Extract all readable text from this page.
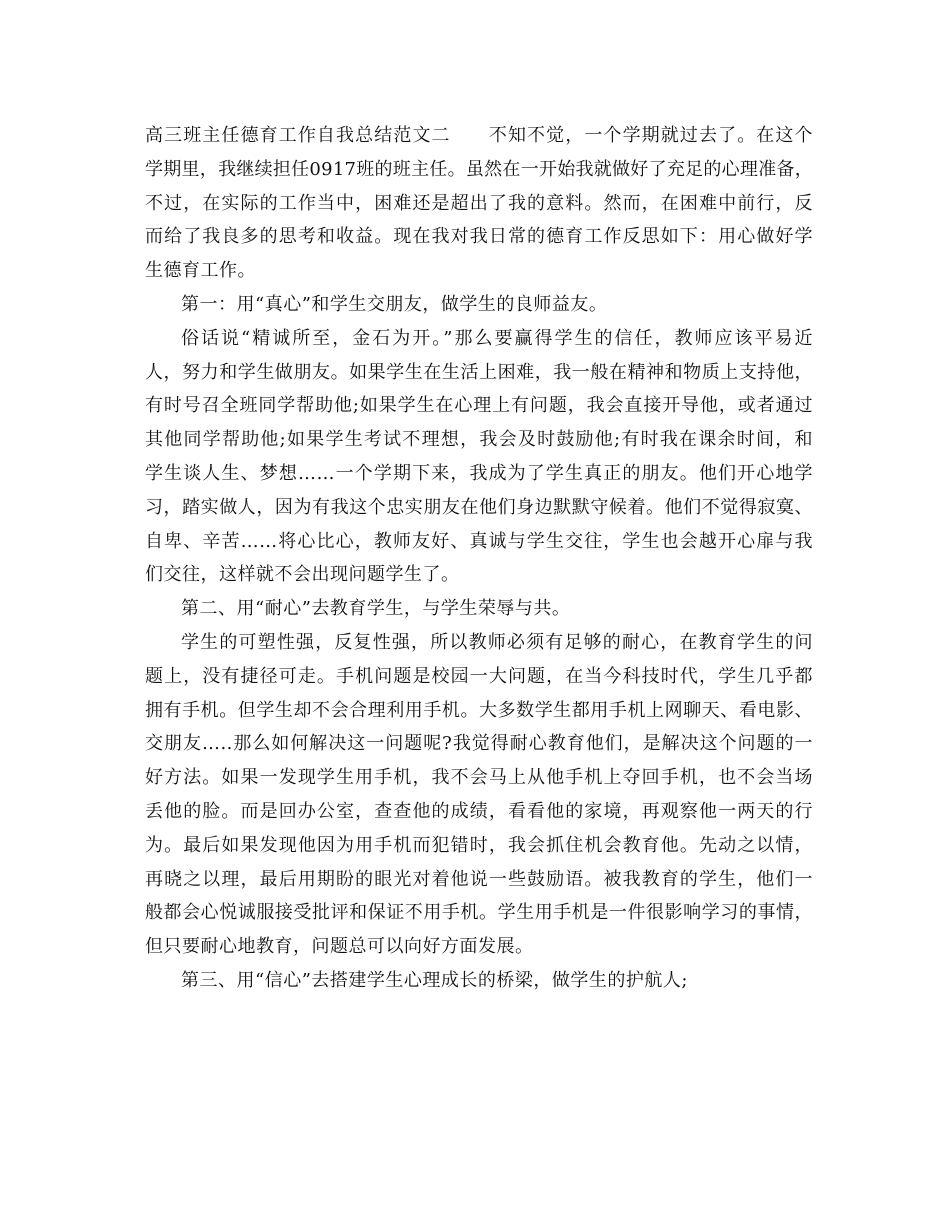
高三班主任德育工作自我总结范文二　　不知不觉，一个学期就过去了。在这个
学期里，我继续担任0917班的班主任。虽然在一开始我就做好了充足的心理准备，
不过，在实际的工作当中，困难还是超出了我的意料。然而，在困难中前行，反
而给了我良多的思考和收益。现在我对我日常的德育工作反思如下：用心做好学
生德育工作。
第一：用“真心”和学生交朋友，做学生的良师益友。
俗话说“精诚所至，金石为开。”那么要赢得学生的信任，教师应该平易近
人，努力和学生做朋友。如果学生在生活上困难，我一般在精神和物质上支持他，
有时号召全班同学帮助他;如果学生在心理上有问题，我会直接开导他，或者通过
其他同学帮助他;如果学生考试不理想，我会及时鼓励他;有时我在课余时间，和
学生谈人生、梦想……一个学期下来，我成为了学生真正的朋友。他们开心地学
习，踏实做人，因为有我这个忠实朋友在他们身边默默守候着。他们不觉得寂寞、
自卑、辛苦……将心比心，教师友好、真诚与学生交往，学生也会越开心扉与我
们交往，这样就不会出现问题学生了。
第二、用“耐心”去教育学生，与学生荣辱与共。
学生的可塑性强，反复性强，所以教师必须有足够的耐心，在教育学生的问
题上，没有捷径可走。手机问题是校园一大问题，在当今科技时代，学生几乎都
拥有手机。但学生却不会合理利用手机。大多数学生都用手机上网聊天、看电影、
交朋友…..那么如何解决这一问题呢?我觉得耐心教育他们，是解决这个问题的一
好方法。如果一发现学生用手机，我不会马上从他手机上夺回手机，也不会当场
丢他的脸。而是回办公室，查查他的成绩，看看他的家境，再观察他一两天的行
为。最后如果发现他因为用手机而犯错时，我会抓住机会教育他。先动之以情，
再晓之以理，最后用期盼的眼光对着他说一些鼓励语。被我教育的学生，他们一
般都会心悦诚服接受批评和保证不用手机。学生用手机是一件很影响学习的事情，
但只要耐心地教育，问题总可以向好方面发展。
第三、用“信心”去搭建学生心理成长的桥梁，做学生的护航人;
